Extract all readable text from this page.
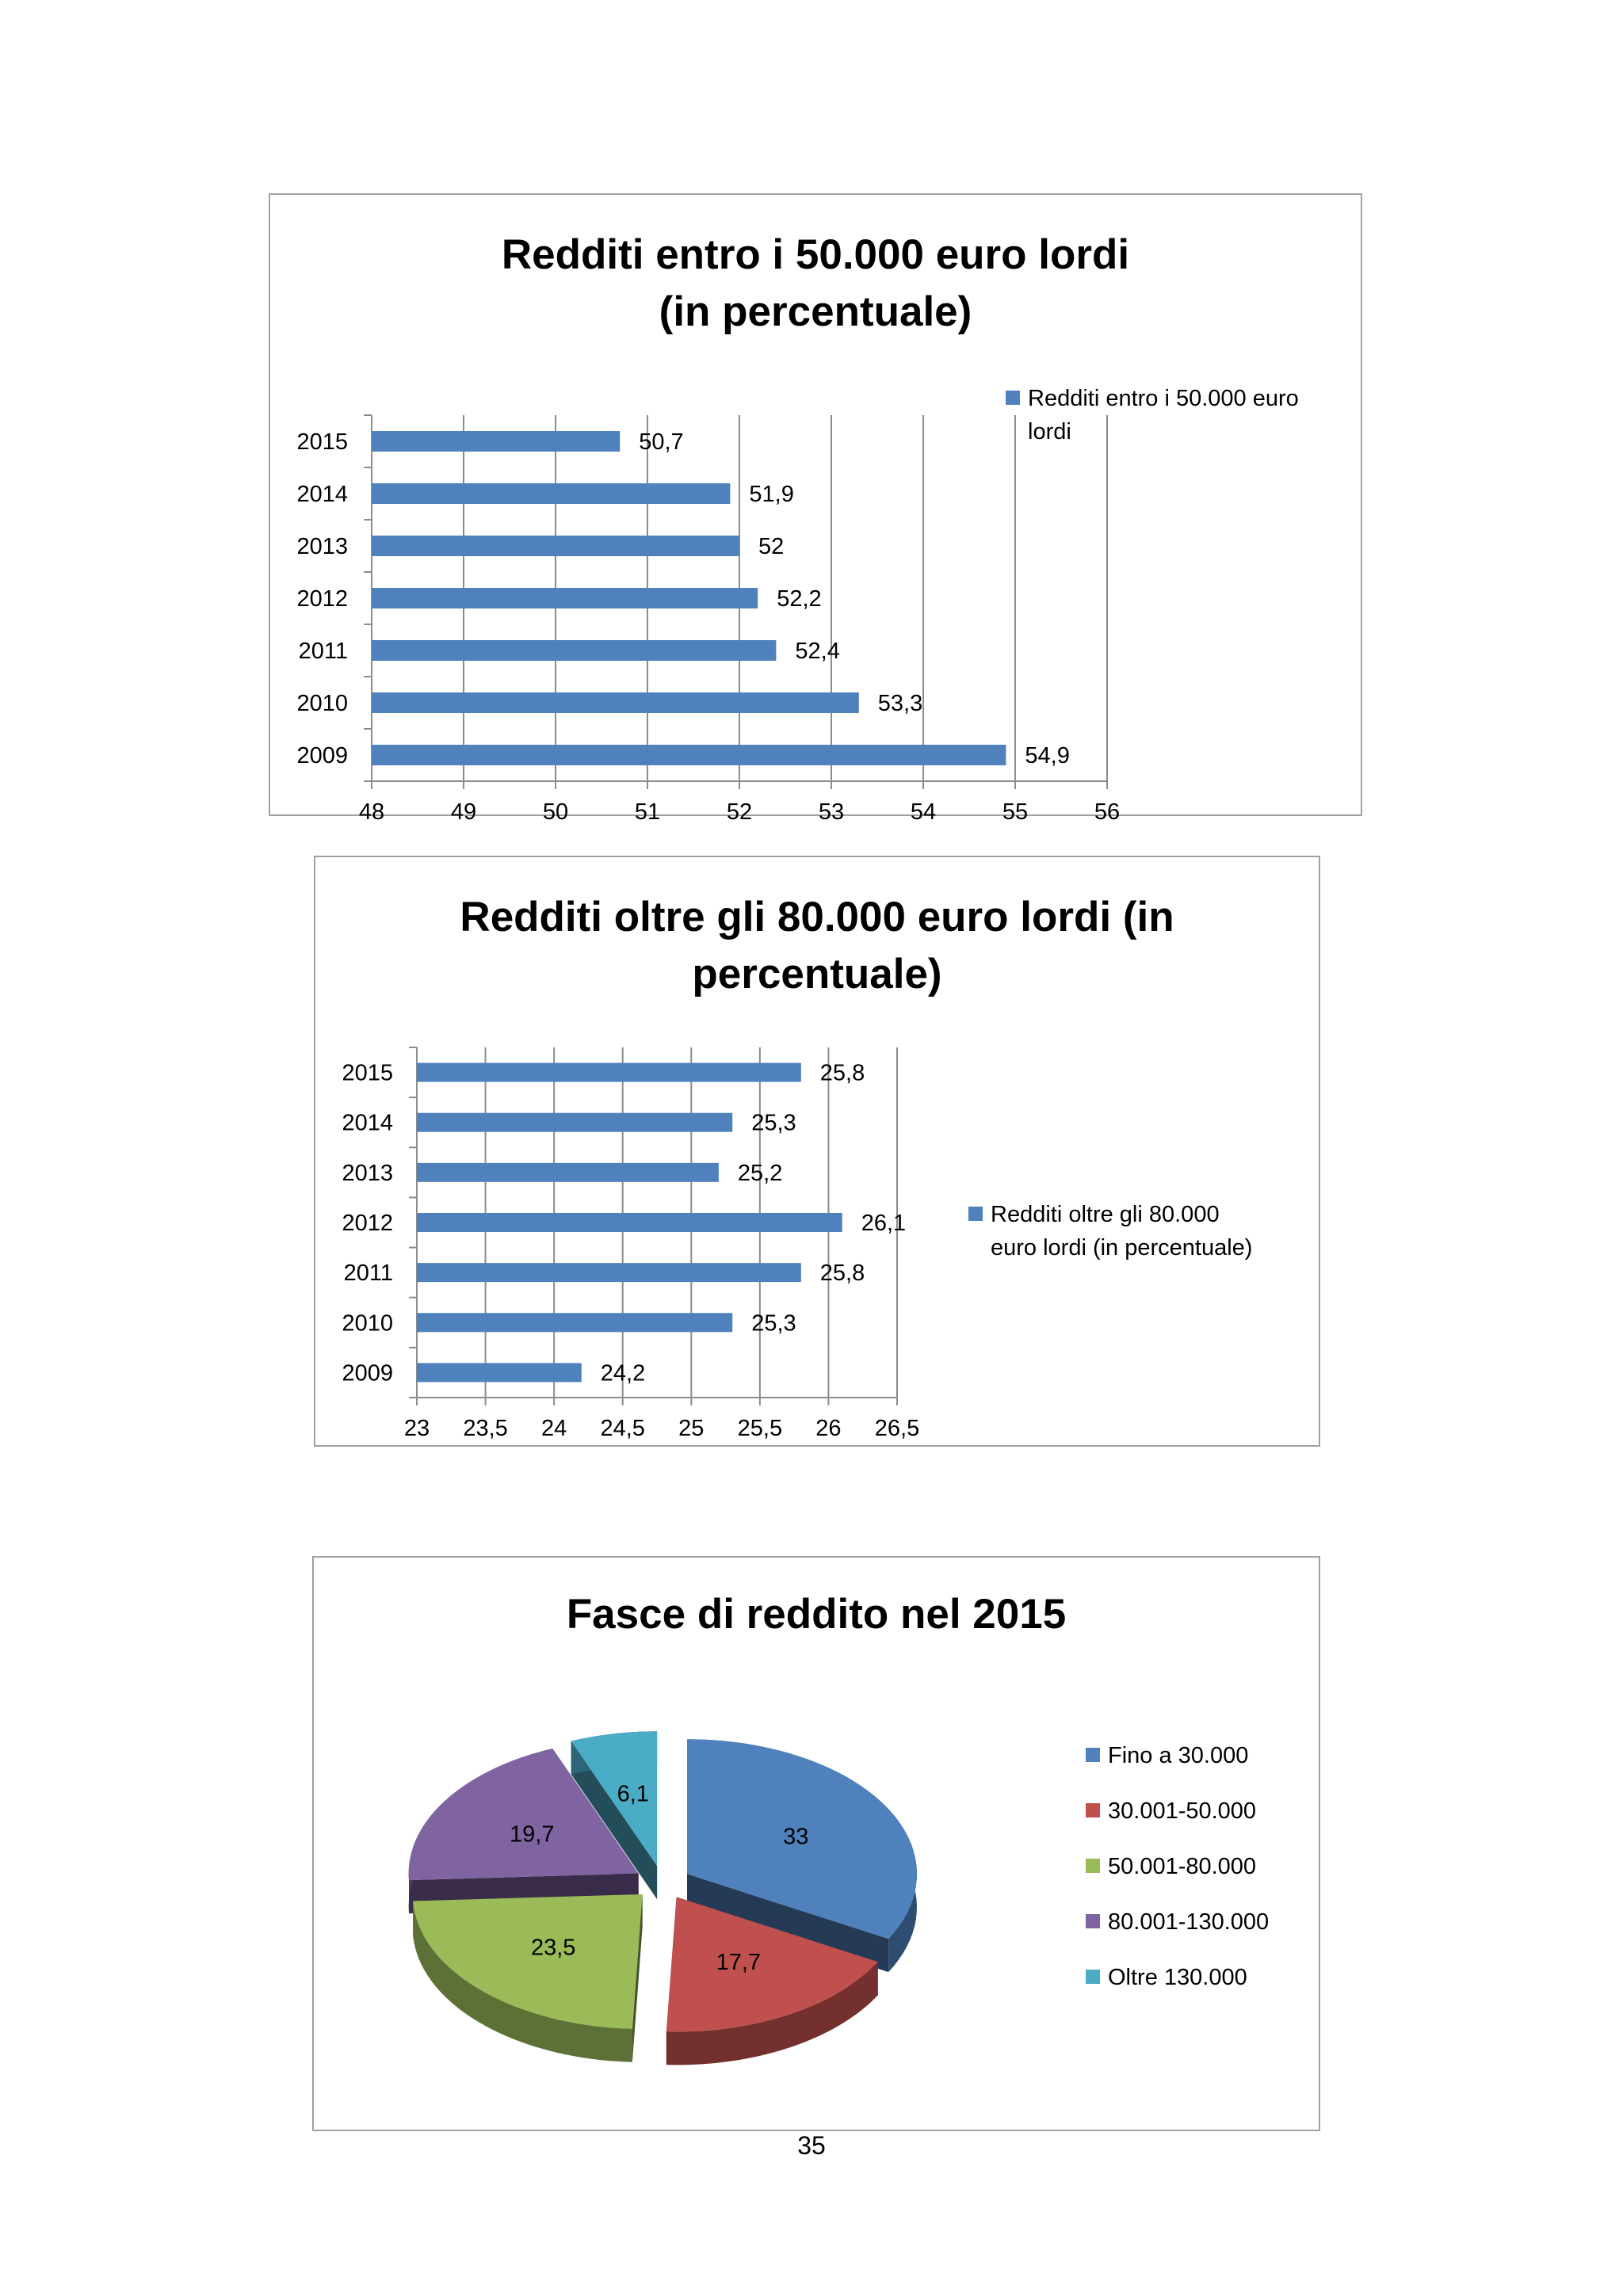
Redditi entro i 50.000 euro lordi
(in percentuale)
48	49	50	51	52	53	54	55	56
2015	50,7
2014	51,9
2013	52
2012	52,2
2011	52,4
2010	53,3
2009	54,9
Redditi entro i 50.000 euro
lordi
Redditi oltre gli 80.000 euro lordi (in
percentuale)
23 23,5 24 24,5 25 25,5 26 26,5
2015	25,8
2014	25,3
2013	25,2
2012	26,1
2011	25,8
2010	25,3
2009	24,2
Redditi oltre gli 80.000
euro lordi (in percentuale)
Fasce di reddito nel 2015
6,1
19,7	33
23,5
17,7
Fino a 30.000
30.001-50.000
50.001-80.000
80.001-130.000
Oltre 130.000
35
